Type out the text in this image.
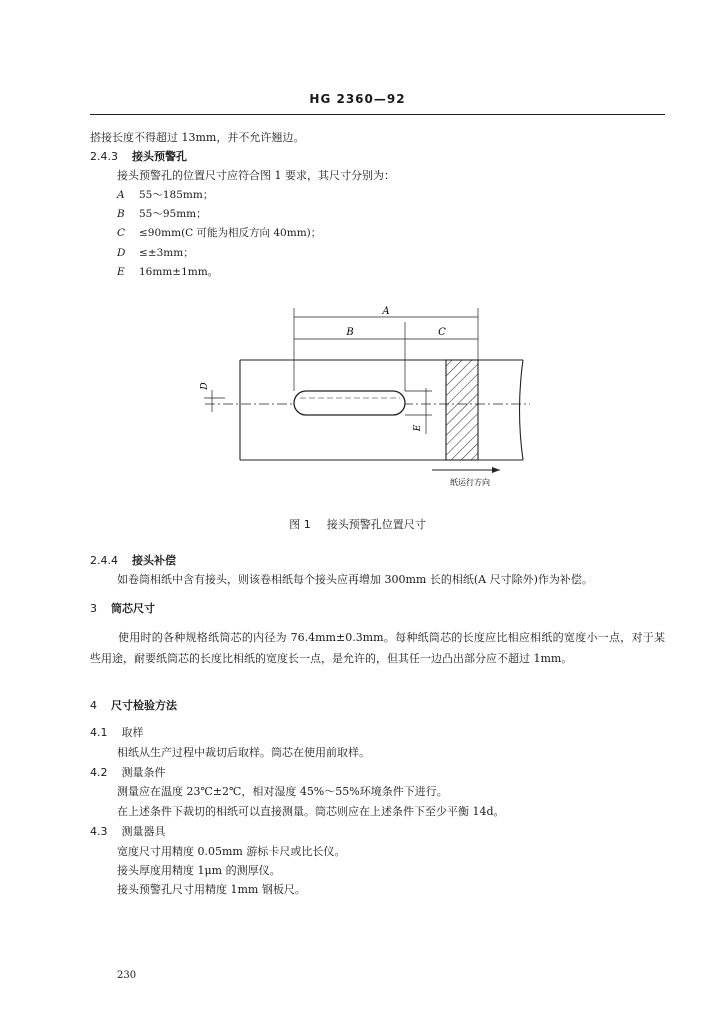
HG 2360—92
搭接长度不得超过 13mm，并不允许翘边。
2.4.3 接头预警孔
接头预警孔的位置尺寸应符合图 1 要求，其尺寸分别为：
A 55～185mm；
B 55～95mm；
C ≤90mm(C 可能为相反方向 40mm)；
D ≤±3mm；
E 16mm±1mm。
A
B	C
D
E
纸运行方向
图 1 接头预警孔位置尺寸
2.4.4 接头补偿
如卷筒相纸中含有接头，则该卷相纸每个接头应再增加 300mm 长的相纸(A 尺寸除外)作为补偿。
3 筒芯尺寸
使用时的各种规格纸筒芯的内径为 76.4mm±0.3mm。每种纸筒芯的长度应比相应相纸的宽度小一点，对于某些用途，耐要纸筒芯的长度比相纸的宽度长一点，是允许的，但其任一边凸出部分应不超过 1mm。
4 尺寸检验方法
4.1 取样
相纸从生产过程中裁切后取样。筒芯在使用前取样。
4.2 测量条件
测量应在温度 23℃±2℃，相对湿度 45%～55%环境条件下进行。
在上述条件下裁切的相纸可以直接测量。筒芯则应在上述条件下至少平衡 14d。
4.3 测量器具
宽度尺寸用精度 0.05mm 游标卡尺或比长仪。
接头厚度用精度 1μm 的测厚仪。
接头预警孔尺寸用精度 1mm 钢板尺。
230
